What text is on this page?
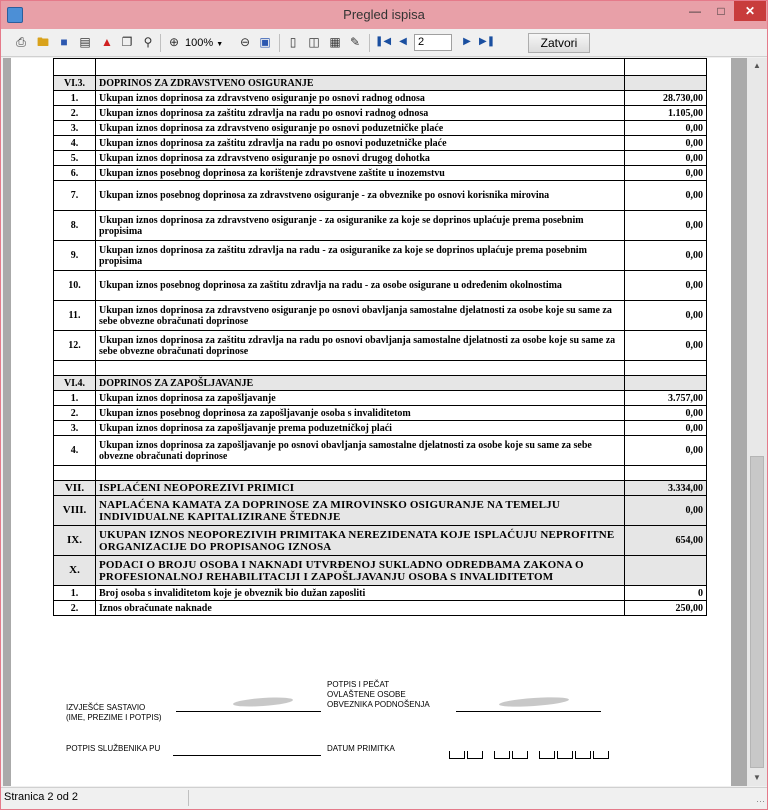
Pregled ispisa	—	□	✕
⎙ 🖿 ■ ▤ ▲ ❐ ⚲	⊕ 100% ▼	⊖ ▣	▯	◫ ▦ ✎ ❚◀ ◀	2	▶ ▶❚	Zatvori

VI.3.	DOPRINOS ZA ZDRAVSTVENO OSIGURANJE	
1.	Ukupan iznos doprinosa za zdravstveno osiguranje po osnovi radnog odnosa	28.730,00
2.	Ukupan iznos doprinosa za zaštitu zdravlja na radu po osnovi radnog odnosa	1.105,00
3.	Ukupan iznos doprinosa za zdravstveno osiguranje po osnovi poduzetničke plaće	0,00
4.	Ukupan iznos doprinosa za zaštitu zdravlja na radu po osnovi poduzetničke plaće	0,00
5.	Ukupan iznos doprinosa za zdravstveno osiguranje po osnovi drugog dohotka	0,00
6.	Ukupan iznos posebnog doprinosa za korištenje zdravstvene zaštite u inozemstvu	0,00
7.	Ukupan iznos posebnog doprinosa za zdravstveno osiguranje - za obveznike po osnovi korisnika mirovina	0,00
8.	Ukupan iznos doprinosa za zdravstveno osiguranje - za osiguranike za koje se doprinos uplaćuje prema posebnim propisima	0,00
9.	Ukupan iznos doprinosa za zaštitu zdravlja na radu - za osiguranike za koje se doprinos uplaćuje prema posebnim propisima	0,00
10.	Ukupan iznos posebnog doprinosa za zaštitu zdravlja na radu - za osobe osigurane u određenim okolnostima	0,00
11.	Ukupan iznos doprinosa za zdravstveno osiguranje po osnovi obavljanja samostalne djelatnosti za osobe koje su same za sebe obvezne obračunati doprinose	0,00
12.	Ukupan iznos doprinosa za zaštitu zdravlja na radu po osnovi obavljanja samostalne djelatnosti za osobe koje su same za sebe obvezne obračunati doprinose	0,00

VI.4.	DOPRINOS ZA ZAPOŠLJAVANJE	
1.	Ukupan iznos doprinosa za zapošljavanje	3.757,00
2.	Ukupan iznos posebnog doprinosa za zapošljavanje osoba s invaliditetom	0,00
3.	Ukupan iznos doprinosa za zapošljavanje prema poduzetničkoj plaći	0,00
4.	Ukupan iznos doprinosa za zapošljavanje po osnovi obavljanja samostalne djelatnosti za osobe koje su same za sebe obvezne obračunati doprinose	0,00

VII.	ISPLAĆENI NEOPOREZIVI PRIMICI	3.334,00
VIII.	NAPLAĆENA KAMATA ZA DOPRINOSE ZA MIROVINSKO OSIGURANJE NA TEMELJU INDIVIDUALNE KAPITALIZIRANE ŠTEDNJE	0,00
IX.	UKUPAN IZNOS NEOPOREZIVIH PRIMITAKA NEREZIDENATA KOJE ISPLAĆUJU NEPROFITNE ORGANIZACIJE DO PROPISANOG IZNOSA	654,00
X.	PODACI O BROJU OSOBA I NAKNADI UTVRĐENOJ SUKLADNO ODREDBAMA ZAKONA O PROFESIONALNOJ REHABILITACIJI I ZAPOŠLJAVANJU OSOBA S INVALIDITETOM	
1.	Broj osoba s invaliditetom koje je obveznik bio dužan zaposliti	0
2.	Iznos obračunate naknade	250,00
IZVJEŠĆE SASTAVIO
(IME, PREZIME I POTPIS)
POTPIS I PEČAT
OVLAŠTENE OSOBE
OBVEZNIKA PODNOŠENJA
POTPIS SLUŽBENIKA PU	DATUM PRIMITKA
▲
▼
Stranica 2 od 2	⋯
